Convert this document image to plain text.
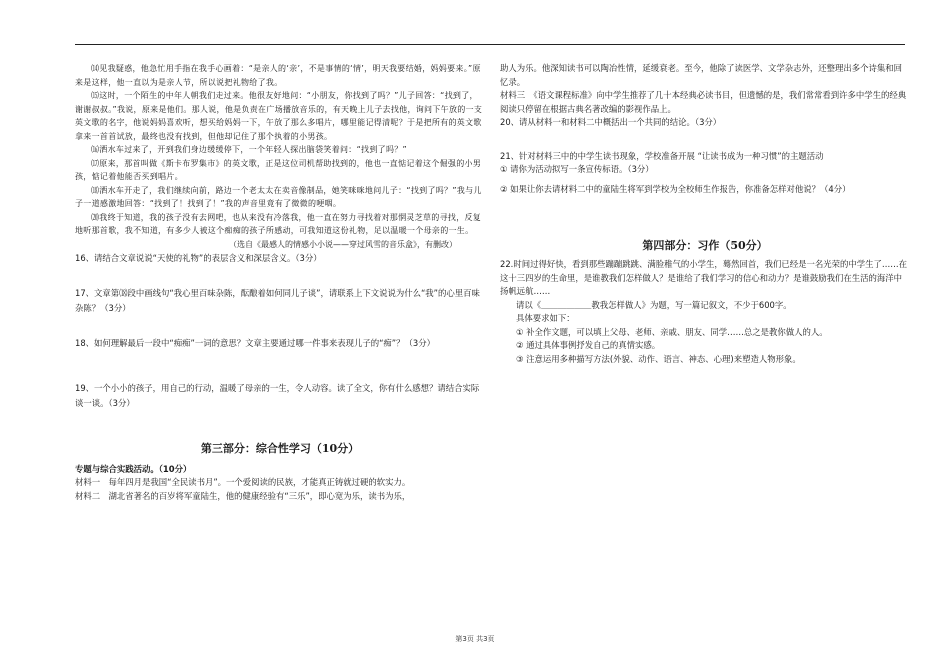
⒁见我疑惑，他急忙用手指在我手心画着：“是亲人的‘亲’，不是事情的‘情’，明天我要结婚，妈妈要来。”原来是这样，他一直以为是亲人节，所以说把礼物给了我。

⒂这时，一个陌生的中年人朝我们走过来。他很友好地问：“小朋友，你找到了吗？”儿子回答：“找到了，谢谢叔叔。”我说，原来是他们。那人说，他是负责在广场播放音乐的，有天晚上儿子去找他，询问下午放的一支英文歌的名字，他说妈妈喜欢听，想买给妈妈一下，午放了那么多唱片，哪里能记得清呢？于是把所有的英文歌拿来一首首试放，最终也没有找到，但他却记住了那个执着的小男孩。

⒃洒水车过来了，开到我们身边缓缓停下，一个年轻人探出脑袋笑着问：“找到了吗？”

⒄原来，那首叫做《斯卡布罗集市》的英文歌，正是这位司机帮助找到的，他也一直惦记着这个倔强的小男孩，惦记着他能否买到唱片。

⒅洒水车开走了，我们继续向前，路边一个老太太在卖音像制品，她笑咪咪地问儿子：“找到了吗？”我与儿子一道感激地回答：“找到了！找到了！”我的声音里竟有了微微的哽咽。

⒇我终于知道，我的孩子没有去网吧，也从来没有冷落我，他一直在努力寻找着对那惘灵芝草的寻找，反复地听那首歌，我不知道，有多少人被这个痴痴的孩子所感动，可我知道这份礼物，足以温暖一个母亲的一生。

（选自《最感人的情感小小说——穿过风雪的音乐盒》，有删改）

16、请结合文章说说“天使的礼物”的表层含义和深层含义。（3分）

17、文章第⒅段中画线句“我心里百味杂陈，酝酿着如何同儿子谈”，请联系上下文说说为什么“我”的心里百味杂陈？（3分）

18、如何理解最后一段中“痴痴”一词的意思？文章主要通过哪一件事来表现儿子的“痴”？（3分）

19、一个小小的孩子，用自己的行动，温暖了母亲的一生，令人动容。读了全文，你有什么感想？请结合实际谈一谈。（3分）

第三部分：综合性学习（10分）

专题与综合实践活动。（10分）

材料一　每年四月是我国“全民读书月”。一个爱阅读的民族，才能真正铸就过硬的软实力。

材料二　湖北省著名的百岁将军童陆生，他的健康经验有“三乐”，即心宽为乐，读书为乐，

助人为乐。他深知读书可以陶冶性情，延缓衰老。至今，他除了读医学、文学杂志外，还整理出多个诗集和回忆录。

材料三　《语文课程标准》向中学生推荐了几十本经典必读书目，但遗憾的是，我们常常看到许多中学生的经典阅读只停留在根据古典名著改编的影视作品上。

20、请从材料一和材料二中概括出一个共同的结论。（3分）

21、针对材料三中的中学生读书现象，学校准备开展 “让读书成为一种习惯”的主题活动

① 请你为活动拟写一条宣传标语。（3分）

② 如果让你去请材料二中的童陆生将军到学校为全校师生作报告，你准备怎样对他说？（4分）

第四部分：习作（50分）

22.时间过得好快，看到那些蹦蹦跳跳、满脸稚气的小学生，蓦然回首，我们已经是一名光荣的中学生了……在这十三四岁的生命里，是谁教我们怎样做人？是谁给了我们学习的信心和动力？是谁鼓励我们在生活的海洋中扬帆远航……

请以《＿＿＿＿＿＿教我怎样做人》为题，写一篇记叙文，不少于600字。

具体要求如下：

① 补全作文题，可以填上父母、老师、亲戚、朋友、同学……总之是教你做人的人。

② 通过具体事例抒发自己的真情实感。

③ 注意运用多种描写方法(外貌、动作、语言、神态、心理)来塑造人物形象。

第3页 共3页
